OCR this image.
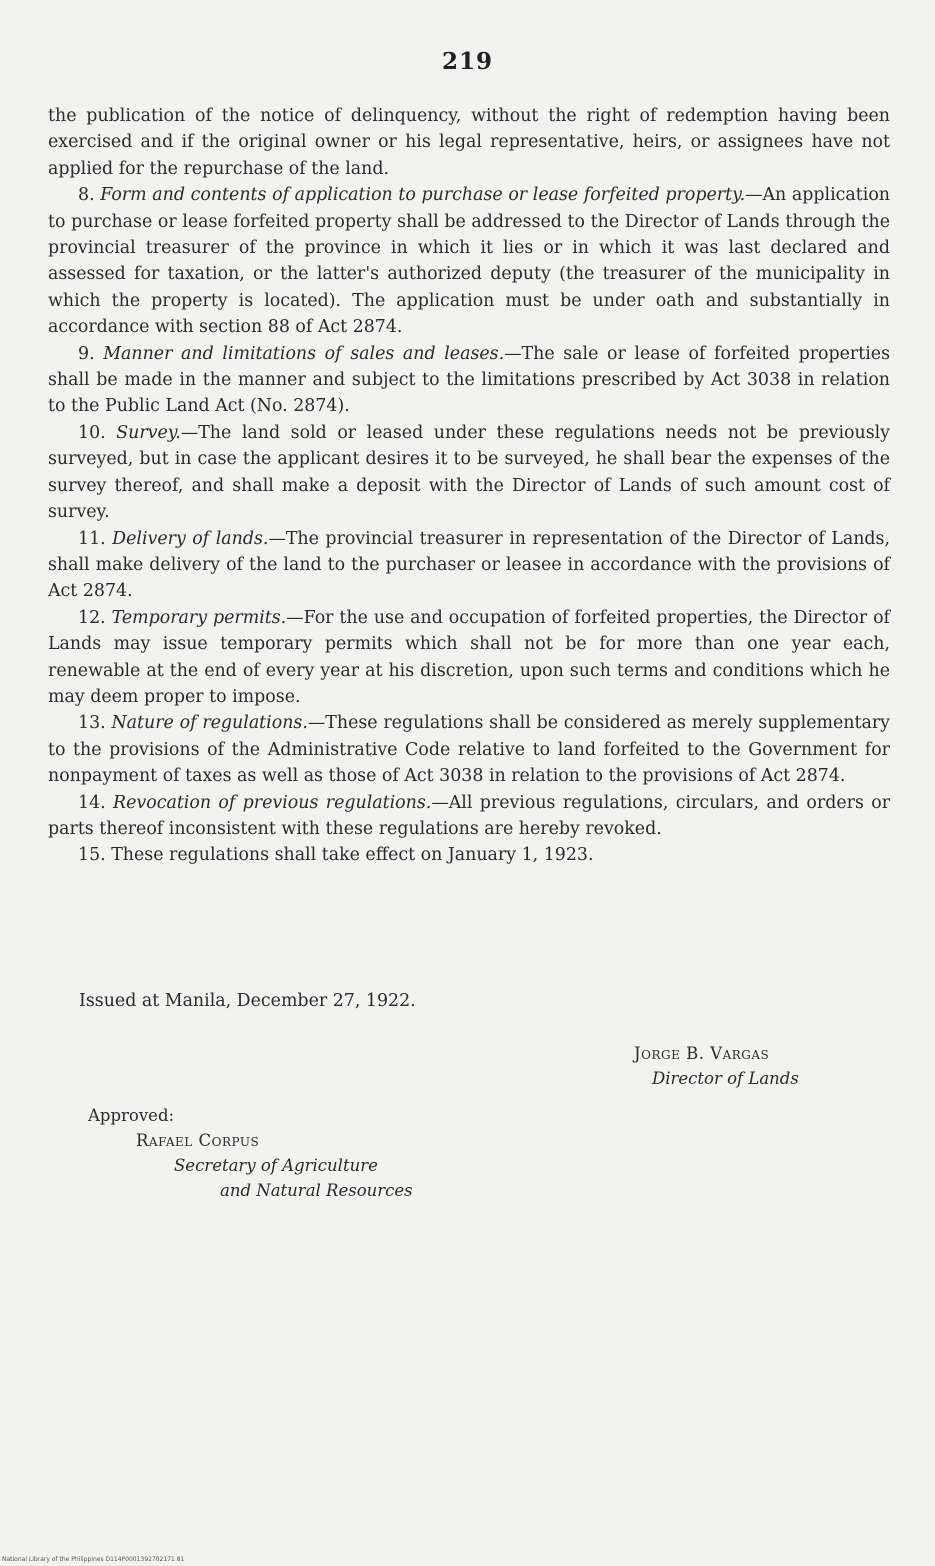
219

the publication of the notice of delinquency, without the right of redemption having been exercised and if the original owner or his legal representative, heirs, or assignees have not applied for the repurchase of the land.

8. Form and contents of application to purchase or lease forfeited property.—An application to purchase or lease forfeited property shall be addressed to the Director of Lands through the provincial treasurer of the province in which it lies or in which it was last declared and assessed for taxation, or the latter's authorized deputy (the treasurer of the municipality in which the property is located). The application must be under oath and substantially in accordance with section 88 of Act 2874.

9. Manner and limitations of sales and leases.—The sale or lease of forfeited properties shall be made in the manner and subject to the limitations prescribed by Act 3038 in relation to the Public Land Act (No. 2874).

10. Survey.—The land sold or leased under these regulations needs not be previously surveyed, but in case the applicant desires it to be surveyed, he shall bear the expenses of the survey thereof, and shall make a deposit with the Director of Lands of such amount cost of survey.

11. Delivery of lands.—The provincial treasurer in representation of the Director of Lands, shall make delivery of the land to the purchaser or leasee in accordance with the provisions of Act 2874.

12. Temporary permits.—For the use and occupation of forfeited properties, the Director of Lands may issue temporary permits which shall not be for more than one year each, renewable at the end of every year at his discretion, upon such terms and conditions which he may deem proper to impose.

13. Nature of regulations.—These regulations shall be considered as merely supplementary to the provisions of the Administrative Code relative to land forfeited to the Government for nonpayment of taxes as well as those of Act 3038 in relation to the provisions of Act 2874.

14. Revocation of previous regulations.—All previous regulations, circulars, and orders or parts thereof inconsistent with these regulations are hereby revoked.

15. These regulations shall take effect on January 1, 1923.

Issued at Manila, December 27, 1922.
Jorge B. Vargas
Director of Lands
Approved:
Rafael Corpus
Secretary of Agriculture
and Natural Resources
National Library of the Philippines D114P0001392702171 81
